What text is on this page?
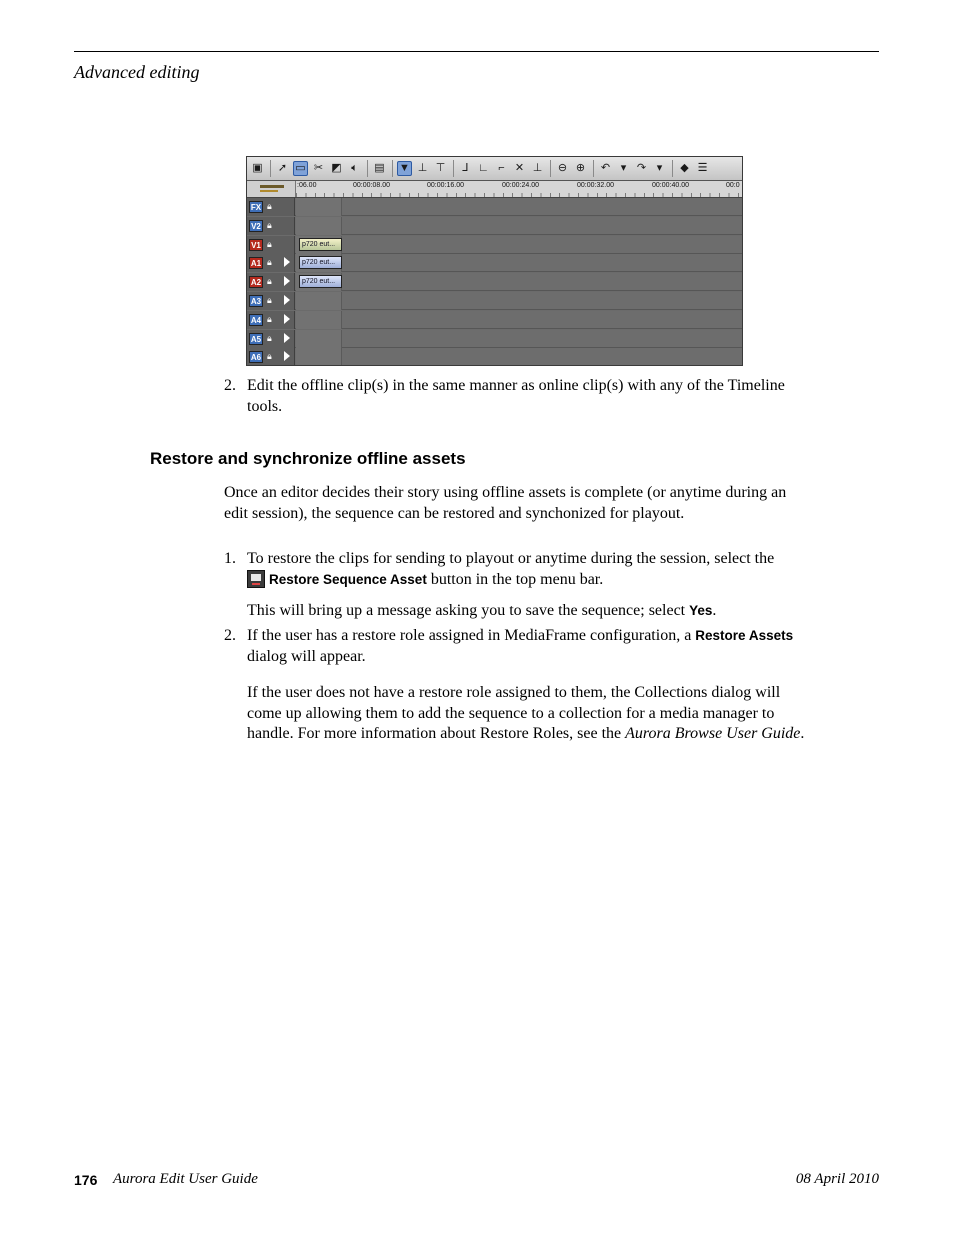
Advanced editing
▣ ➚ ▭ ✂ ◩ 🔈︎	▤ ▼ ⊥ ⊤	⅃ ∟ ⌐ ✕ ⊥ ⊖ ⊕ ↶ ▾ ↷ ▾	◆ ☰
:06.00	00:00:08.00	00:00:16.00	00:00:24.00	00:00:32.00	00:00:40.00	00:0
FX 🔒︎
V2 🔒︎
V1 🔒︎	p720 eut...
A1 🔒︎	p720 eut...
A2 🔒︎	p720 eut...
A3 🔒︎
A4 🔒︎
A5 🔒︎
A6 🔒︎
2. Edit the offline clip(s) in the same manner as online clip(s) with any of the Timeline tools.
Restore and synchronize offline assets
Once an editor decides their story using offline assets is complete (or anytime during an edit session), the sequence can be restored and synchonized for playout.
1. To restore the clips for sending to playout or anytime during the session, select the
Restore Sequence Asset button in the top menu bar.
This will bring up a message asking you to save the sequence; select Yes.
2. If the user has a restore role assigned in MediaFrame configuration, a Restore Assets dialog will appear.
If the user does not have a restore role assigned to them, the Collections dialog will come up allowing them to add the sequence to a collection for a media manager to handle. For more information about Restore Roles, see the Aurora Browse User Guide.
176 Aurora Edit User Guide	08 April 2010
